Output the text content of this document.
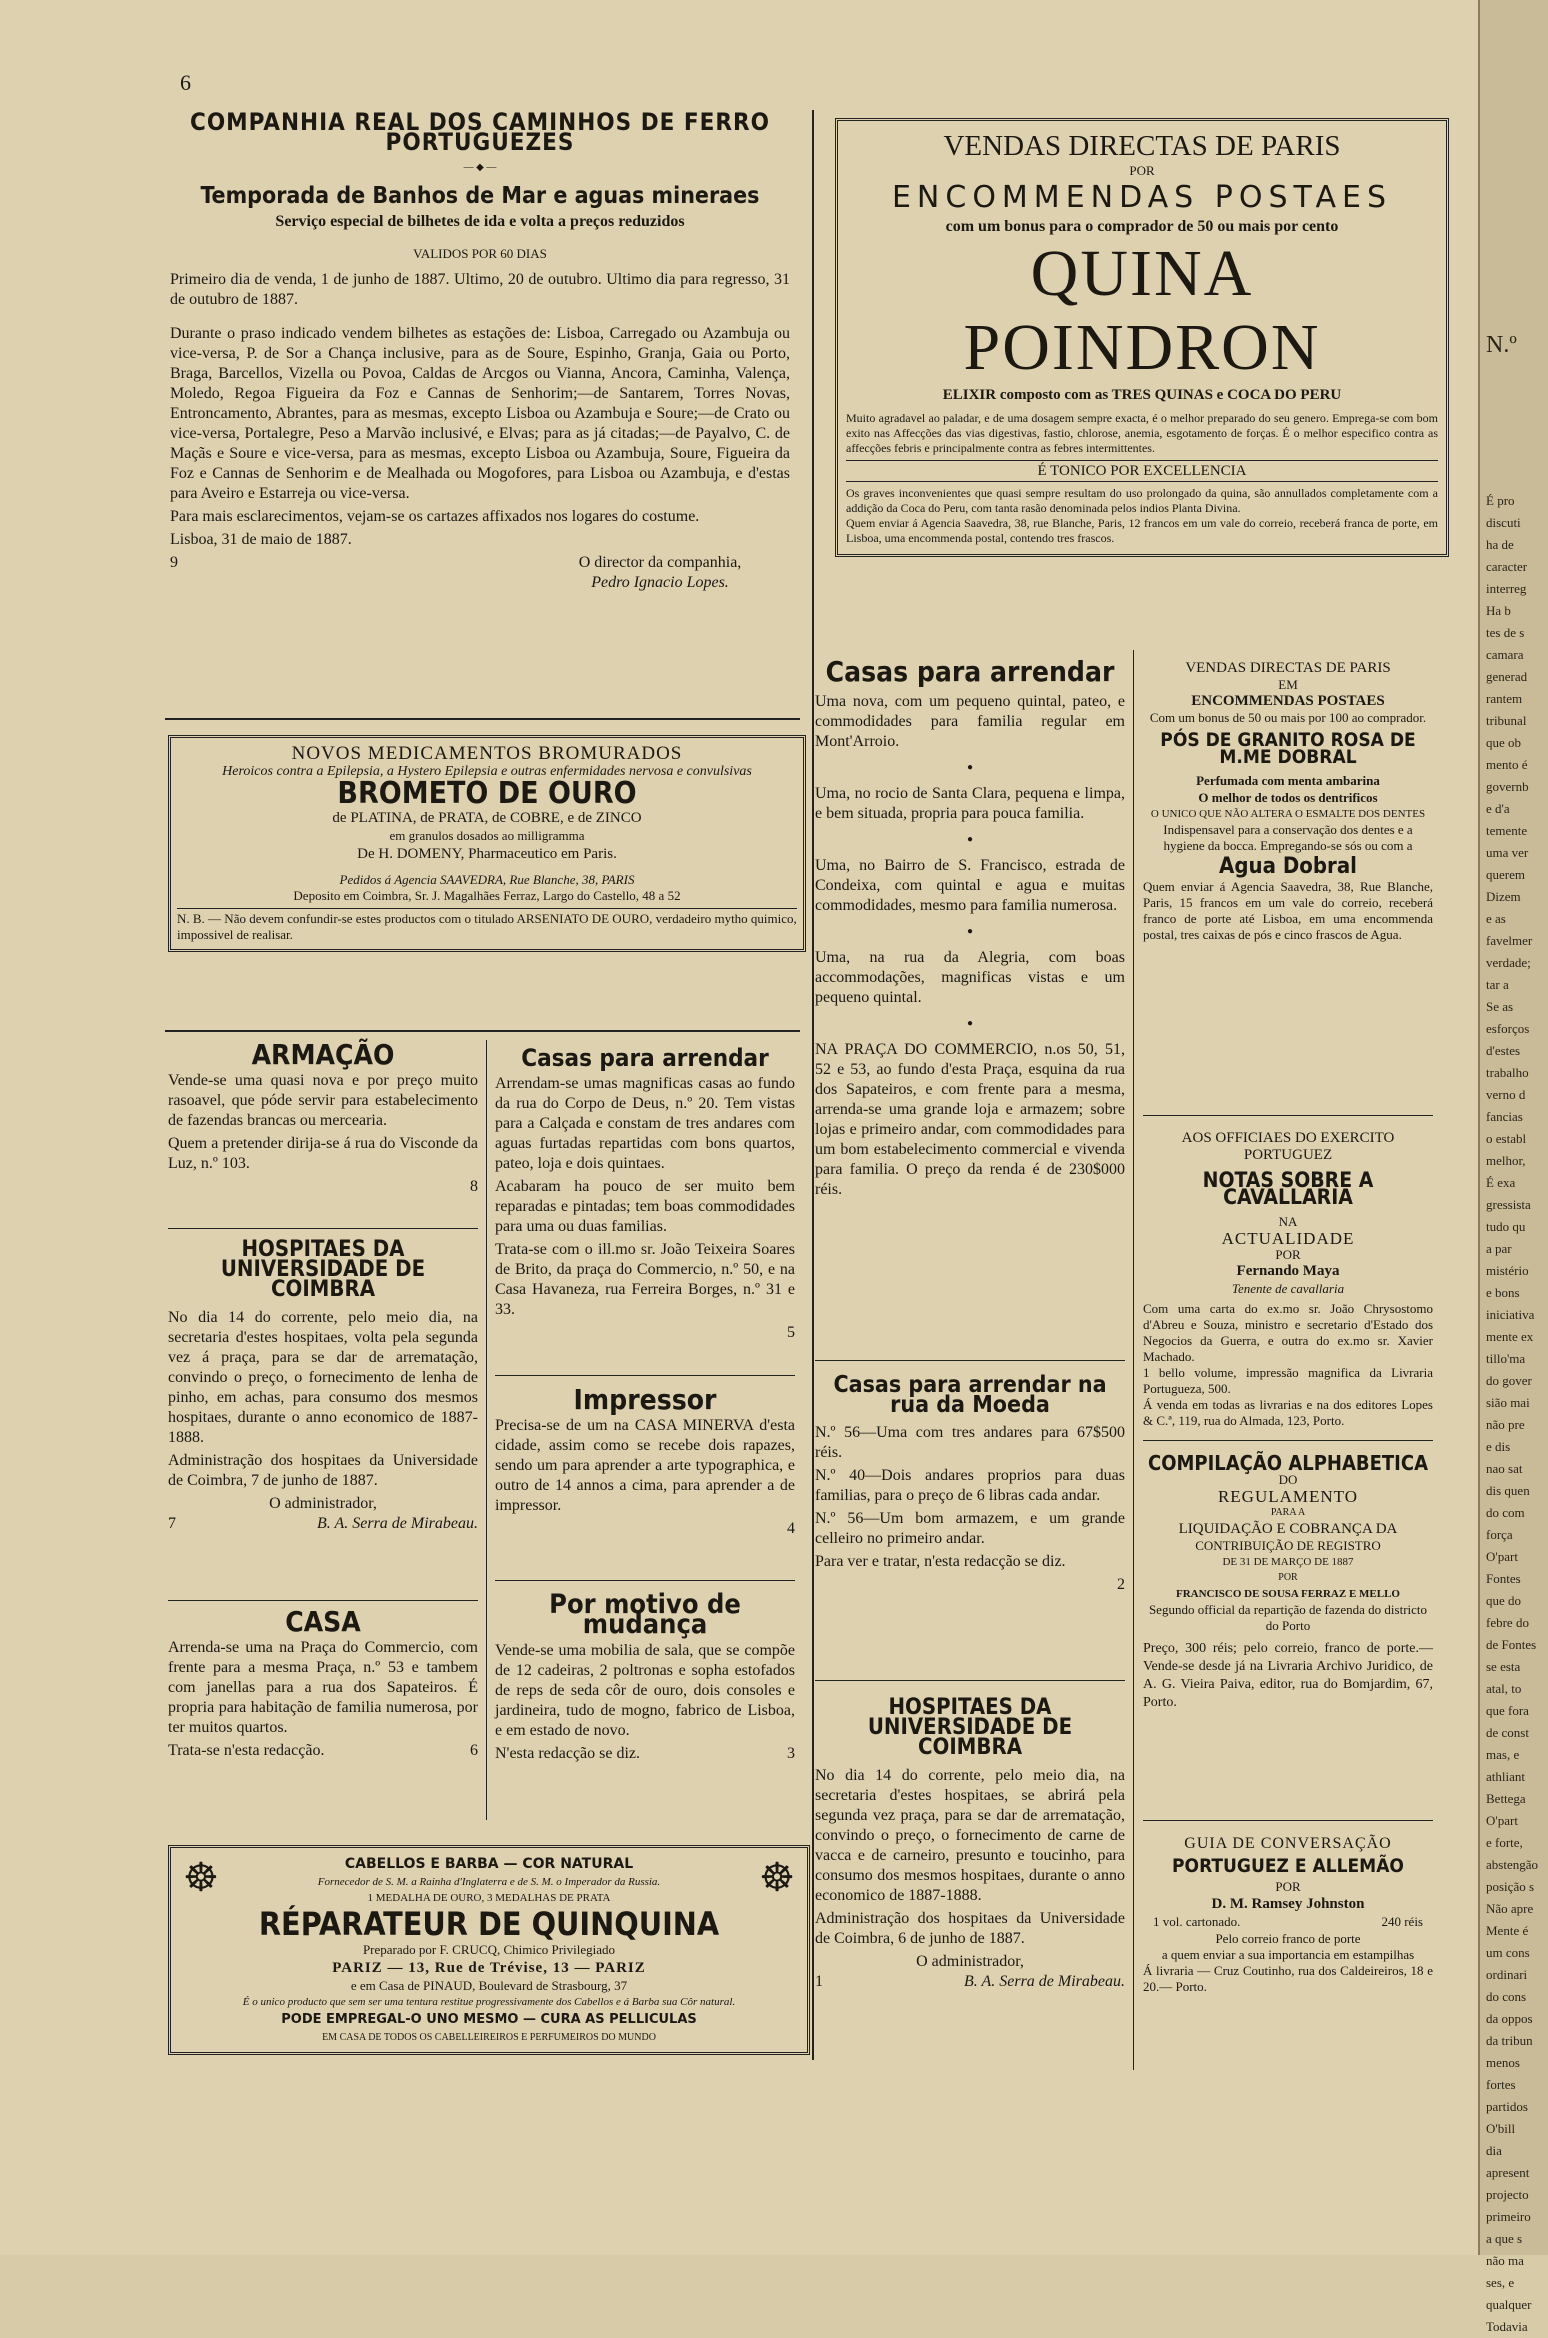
6
COMPANHIA REAL DOS CAMINHOS DE FERRO PORTUGUEZES
— ◆ —
Temporada de Banhos de Mar e aguas mineraes
Serviço especial de bilhetes de ida e volta a preços reduzidos
VALIDOS POR 60 DIAS

Primeiro dia de venda, 1 de junho de 1887. Ultimo, 20 de outubro. Ultimo dia para regresso, 31 de outubro de 1887.

Durante o praso indicado vendem bilhetes as estações de: Lisboa, Carregado ou Azambuja ou vice-versa, P. de Sor a Chança inclusive, para as de Soure, Espinho, Granja, Gaia ou Porto, Braga, Barcellos, Vizella ou Povoa, Caldas de Arcgos ou Vianna, Ancora, Caminha, Valença, Moledo, Regoa Figueira da Foz e Cannas de Senhorim;—de Santarem, Torres Novas, Entroncamento, Abrantes, para as mesmas, excepto Lisboa ou Azambuja e Soure;—de Crato ou vice-versa, Portalegre, Peso a Marvão inclusivé, e Elvas; para as já citadas;—de Payalvo, C. de Maçãs e Soure e vice-versa, para as mesmas, excepto Lisboa ou Azambuja, Soure, Figueira da Foz e Cannas de Senhorim e de Mealhada ou Mogofores, para Lisboa ou Azambuja, e d'estas para Aveiro e Estarreja ou vice-versa.

Para mais esclarecimentos, vejam-se os cartazes affixados nos logares do costume.

Lisboa, 31 de maio de 1887.

9	O director da companhia,
Pedro Ignacio Lopes.
NOVOS MEDICAMENTOS BROMURADOS
Heroicos contra a Epilepsia, a Hystero Epilepsia e outras enfermidades nervosa e convulsivas
BROMETO DE OURO
de PLATINA, de PRATA, de COBRE, e de ZINCO
em granulos dosados ao milligramma
De H. DOMENY, Pharmaceutico em Paris.
Pedidos á Agencia SAAVEDRA, Rue Blanche, 38, PARIS
Deposito em Coimbra, Sr. J. Magalhães Ferraz, Largo do Castello, 48 a 52
N. B. — Não devem confundir-se estes productos com o titulado ARSENIATO DE OURO, verdadeiro mytho quimico, impossivel de realisar.
ARMAÇÃO

Vende-se uma quasi nova e por preço muito rasoavel, que póde servir para estabelecimento de fazendas brancas ou mercearia.

Quem a pretender dirija-se á rua do Visconde da Luz, n.º 103.

8
HOSPITAES DA UNIVERSIDADE DE COIMBRA

No dia 14 do corrente, pelo meio dia, na secretaria d'estes hospitaes, volta pela segunda vez á praça, para se dar de arrematação, convindo o preço, o fornecimento de lenha de pinho, em achas, para consumo dos mesmos hospitaes, durante o anno economico de 1887-1888.

Administração dos hospitaes da Universidade de Coimbra, 7 de junho de 1887.

O administrador,
7	B. A. Serra de Mirabeau.
CASA

Arrenda-se uma na Praça do Commercio, com frente para a mesma Praça, n.º 53 e tambem com janellas para a rua dos Sapateiros. É propria para habitação de familia numerosa, por ter muitos quartos.

Trata-se n'esta redacção.	6
Casas para arrendar

Arrendam-se umas magnificas casas ao fundo da rua do Corpo de Deus, n.º 20. Tem vistas para a Calçada e constam de tres andares com aguas furtadas repartidas com bons quartos, pateo, loja e dois quintaes.

Acabaram ha pouco de ser muito bem reparadas e pintadas; tem boas commodidades para uma ou duas familias.

Trata-se com o ill.mo sr. João Teixeira Soares de Brito, da praça do Commercio, n.º 50, e na Casa Havaneza, rua Ferreira Borges, n.º 31 e 33.

5
Impressor

Precisa-se de um na CASA MINERVA d'esta cidade, assim como se recebe dois rapazes, sendo um para aprender a arte typographica, e outro de 14 annos a cima, para aprender a de impressor.

4
Por motivo de mudança

Vende-se uma mobilia de sala, que se compõe de 12 cadeiras, 2 poltronas e sopha estofados de reps de seda côr de ouro, dois consoles e jardineira, tudo de mogno, fabrico de Lisboa, e em estado de novo.

N'esta redacção se diz.	3
☸	☸
CABELLOS E BARBA — COR NATURAL
Fornecedor de S. M. a Rainha d'Inglaterra e de S. M. o Imperador da Russia.
1 MEDALHA DE OURO, 3 MEDALHAS DE PRATA
RÉPARATEUR DE QUINQUINA
Preparado por F. CRUCQ, Chimico Privilegiado
PARIZ — 13, Rue de Trévise, 13 — PARIZ
e em Casa de PINAUD, Boulevard de Strasbourg, 37
É o unico producto que sem ser uma tentura restitue progressivamente dos Cabellos e á Barba sua Côr natural.
PODE EMPREGAL-O UNO MESMO — CURA AS PELLICULAS
EM CASA DE TODOS OS CABELLEIREIROS E PERFUMEIROS DO MUNDO
VENDAS DIRECTAS DE PARIS
POR
ENCOMMENDAS POSTAES
com um bonus para o comprador de 50 ou mais por cento
QUINA POINDRON
ELIXIR composto com as TRES QUINAS e COCA DO PERU
Muito agradavel ao paladar, e de uma dosagem sempre exacta, é o melhor preparado do seu genero. Emprega-se com bom exito nas Affecções das vias digestivas, fastio, chlorose, anemia, esgotamento de forças. É o melhor especifico contra as affecções febris e principalmente contra as febres intermittentes.
É TONICO POR EXCELLENCIA
Os graves inconvenientes que quasi sempre resultam do uso prolongado da quina, são annullados completamente com a addição da Coca do Peru, com tanta rasão denominada pelos indios Planta Divina.
Quem enviar á Agencia Saavedra, 38, rue Blanche, Paris, 12 francos em um vale do correio, receberá franca de porte, em Lisboa, uma encommenda postal, contendo tres frascos.
Casas para arrendar

Uma nova, com um pequeno quintal, pateo, e commodidades para familia regular em Mont'Arroio.

●

Uma, no rocio de Santa Clara, pequena e limpa, e bem situada, propria para pouca familia.

●

Uma, no Bairro de S. Francisco, estrada de Condeixa, com quintal e agua e muitas commodidades, mesmo para familia numerosa.

●

Uma, na rua da Alegria, com boas accommodações, magnificas vistas e um pequeno quintal.

●

NA PRAÇA DO COMMERCIO, n.os 50, 51, 52 e 53, ao fundo d'esta Praça, esquina da rua dos Sapateiros, e com frente para a mesma, arrenda-se uma grande loja e armazem; sobre lojas e primeiro andar, com commodidades para um bom estabelecimento commercial e vivenda para familia. O preço da renda é de 230$000 réis.

Casas para arrendar na rua da Moeda

N.º 56—Uma com tres andares para 67$500 réis.

N.º 40—Dois andares proprios para duas familias, para o preço de 6 libras cada andar.

N.º 56—Um bom armazem, e um grande celleiro no primeiro andar.

Para ver e tratar, n'esta redacção se diz.

2
HOSPITAES DA UNIVERSIDADE DE COIMBRA

No dia 14 do corrente, pelo meio dia, na secretaria d'estes hospitaes, se abrirá pela segunda vez praça, para se dar de arrematação, convindo o preço, o fornecimento de carne de vacca e de carneiro, presunto e toucinho, para consumo dos mesmos hospitaes, durante o anno economico de 1887-1888.

Administração dos hospitaes da Universidade de Coimbra, 6 de junho de 1887.

O administrador,
1	B. A. Serra de Mirabeau.
VENDAS DIRECTAS DE PARIS
EM
ENCOMMENDAS POSTAES
Com um bonus de 50 ou mais por 100 ao comprador.
PÓS DE GRANITO ROSA DE M.ME DOBRAL
Perfumada com menta ambarina
O melhor de todos os dentrificos
O UNICO QUE NÃO ALTERA O ESMALTE DOS DENTES
Indispensavel para a conservação dos dentes e a hygiene da bocca. Empregando-se sós ou com a
Agua Dobral
Quem enviar á Agencia Saavedra, 38, Rue Blanche, Paris, 15 francos em um vale do correio, receberá franco de porte até Lisboa, em uma encommenda postal, tres caixas de pós e cinco frascos de Agua.
AOS OFFICIAES DO EXERCITO PORTUGUEZ
NOTAS SOBRE A CAVALLARIA
NA
ACTUALIDADE
POR
Fernando Maya
Tenente de cavallaria
Com uma carta do ex.mo sr. João Chrysostomo d'Abreu e Souza, ministro e secretario d'Estado dos Negocios da Guerra, e outra do ex.mo sr. Xavier Machado.
1 bello volume, impressão magnifica da Livraria Portugueza, 500.
Á venda em todas as livrarias e na dos editores Lopes & C.ª, 119, rua do Almada, 123, Porto.
COMPILAÇÃO ALPHABETICA
DO
REGULAMENTO
PARA A
LIQUIDAÇÃO E COBRANÇA DA
CONTRIBUIÇÃO DE REGISTRO
DE 31 DE MARÇO DE 1887
POR
FRANCISCO DE SOUSA FERRAZ E MELLO
Segundo official da repartição de fazenda do districto do Porto
Preço, 300 réis; pelo correio, franco de porte.—Vende-se desde já na Livraria Archivo Juridico, de A. G. Vieira Paiva, editor, rua do Bomjardim, 67, Porto.
GUIA DE CONVERSAÇÃO
PORTUGUEZ E ALLEMÃO
POR
D. M. Ramsey Johnston
1 vol. cartonado.	240 réis
Pelo correio franco de porte
a quem enviar a sua importancia em estampilhas
Á livraria — Cruz Coutinho, rua dos Caldeireiros, 18 e 20.— Porto.

N.º

É pro

discuti

ha de

caracter

interreg

Ha b

tes de s

camara

generad

rantem

tribunal

que ob

mento é

governb

e d'a

temente

uma ver

querem

Dizem

e as

favelmer

verdade;

tar a

Se as

esforços

d'estes

trabalho

verno d

fancias

o establ

melhor,

É exa

gressista

tudo qu

a par

mistério

e bons

iniciativa

mente ex

tillo'ma

do gover

sião mai

não pre

e dis

nao sat

dis quen

do com

força

O'part

Fontes

que do

febre do

de Fontes

se esta

atal, to

que fora

de const

mas, e

athliant

Bettega

O'part

e forte,

abstengão

posição s

Não apre

Mente é

um cons

ordinari

do cons

da oppos

da tribun

menos

fortes

partidos

O'bill

dia

apresent

projecto

primeiro

a que s

não ma

ses, e

qualquer

Todavia
